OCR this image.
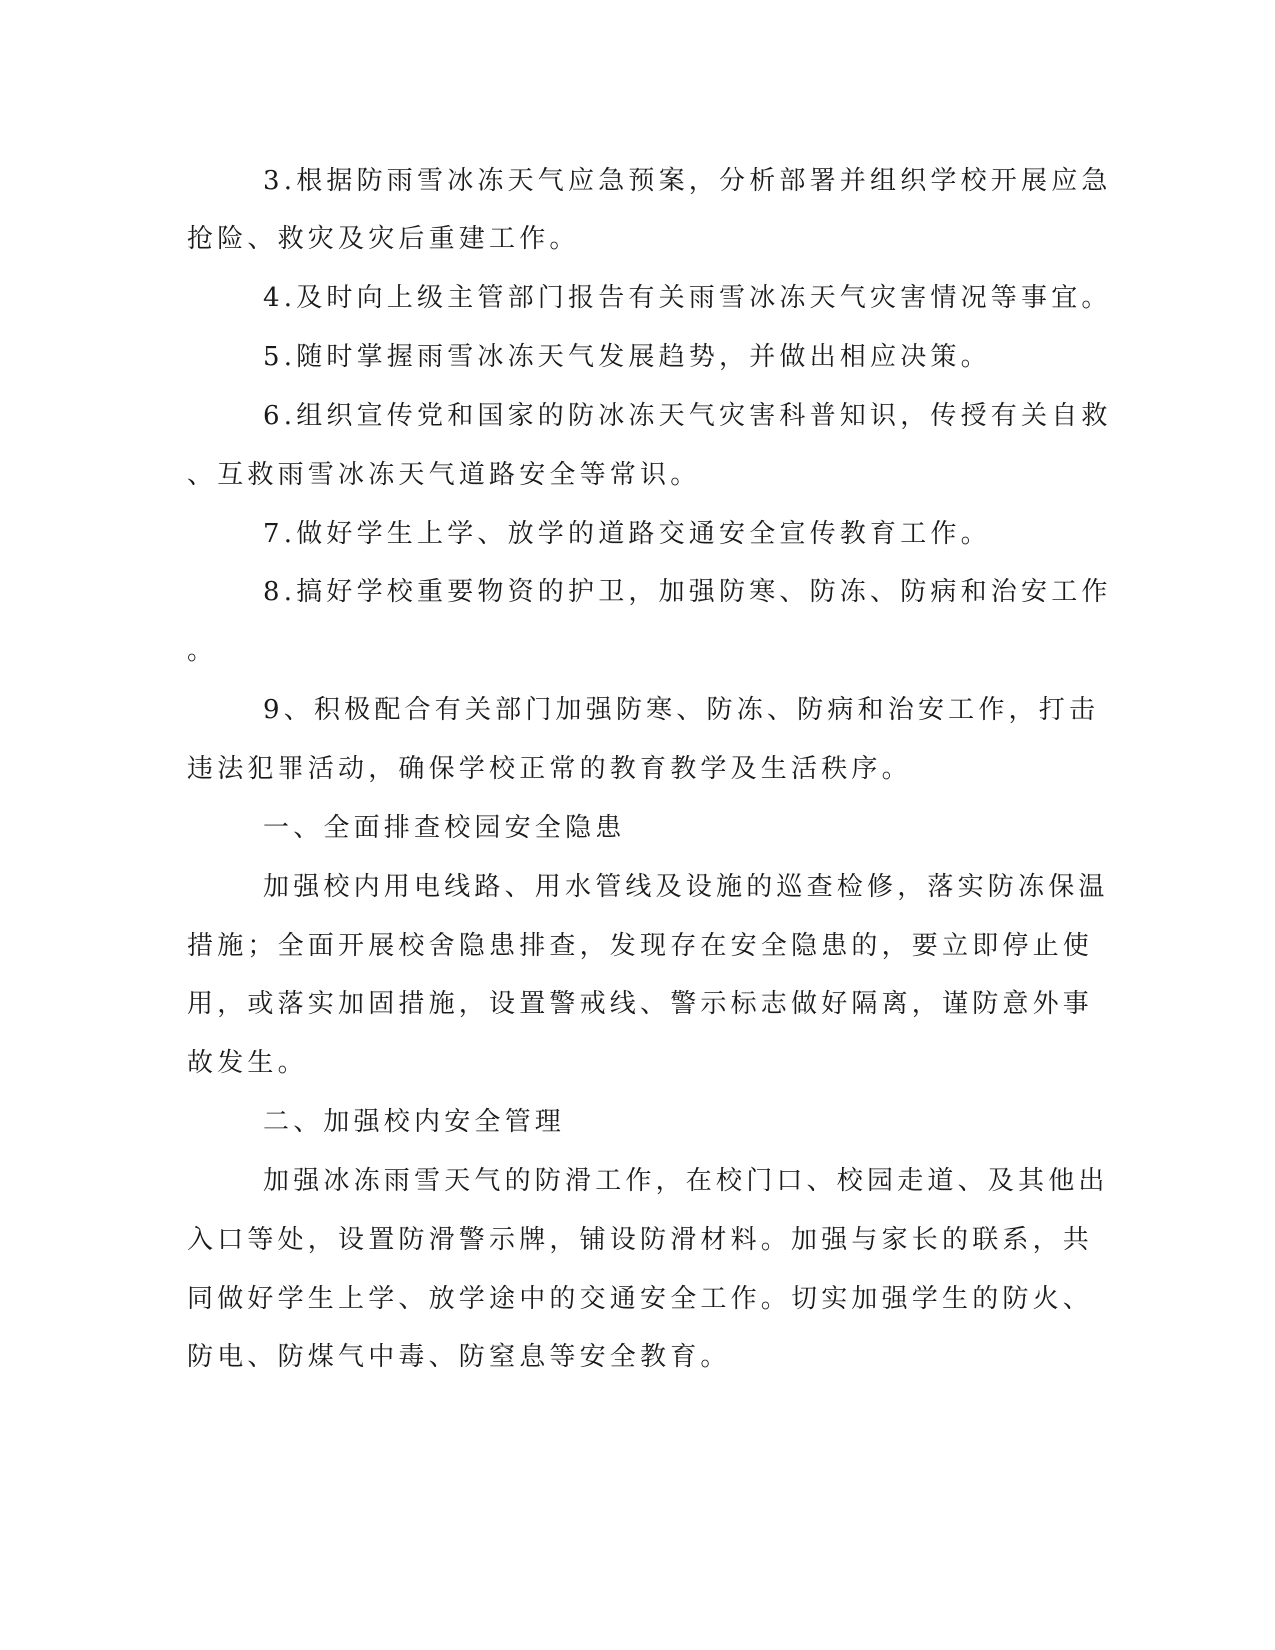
3.根据防雨雪冰冻天气应急预案，分析部署并组织学校开展应急

抢险、救灾及灾后重建工作。

4.及时向上级主管部门报告有关雨雪冰冻天气灾害情况等事宜。

5.随时掌握雨雪冰冻天气发展趋势，并做出相应决策。

6.组织宣传党和国家的防冰冻天气灾害科普知识，传授有关自救

、互救雨雪冰冻天气道路安全等常识。

7.做好学生上学、放学的道路交通安全宣传教育工作。

8.搞好学校重要物资的护卫，加强防寒、防冻、防病和治安工作

。

9、积极配合有关部门加强防寒、防冻、防病和治安工作，打击

违法犯罪活动，确保学校正常的教育教学及生活秩序。

一、全面排查校园安全隐患

加强校内用电线路、用水管线及设施的巡查检修，落实防冻保温

措施；全面开展校舍隐患排查，发现存在安全隐患的，要立即停止使

用，或落实加固措施，设置警戒线、警示标志做好隔离，谨防意外事

故发生。

二、加强校内安全管理

加强冰冻雨雪天气的防滑工作，在校门口、校园走道、及其他出

入口等处，设置防滑警示牌，铺设防滑材料。加强与家长的联系，共

同做好学生上学、放学途中的交通安全工作。切实加强学生的防火、

防电、防煤气中毒、防窒息等安全教育。
